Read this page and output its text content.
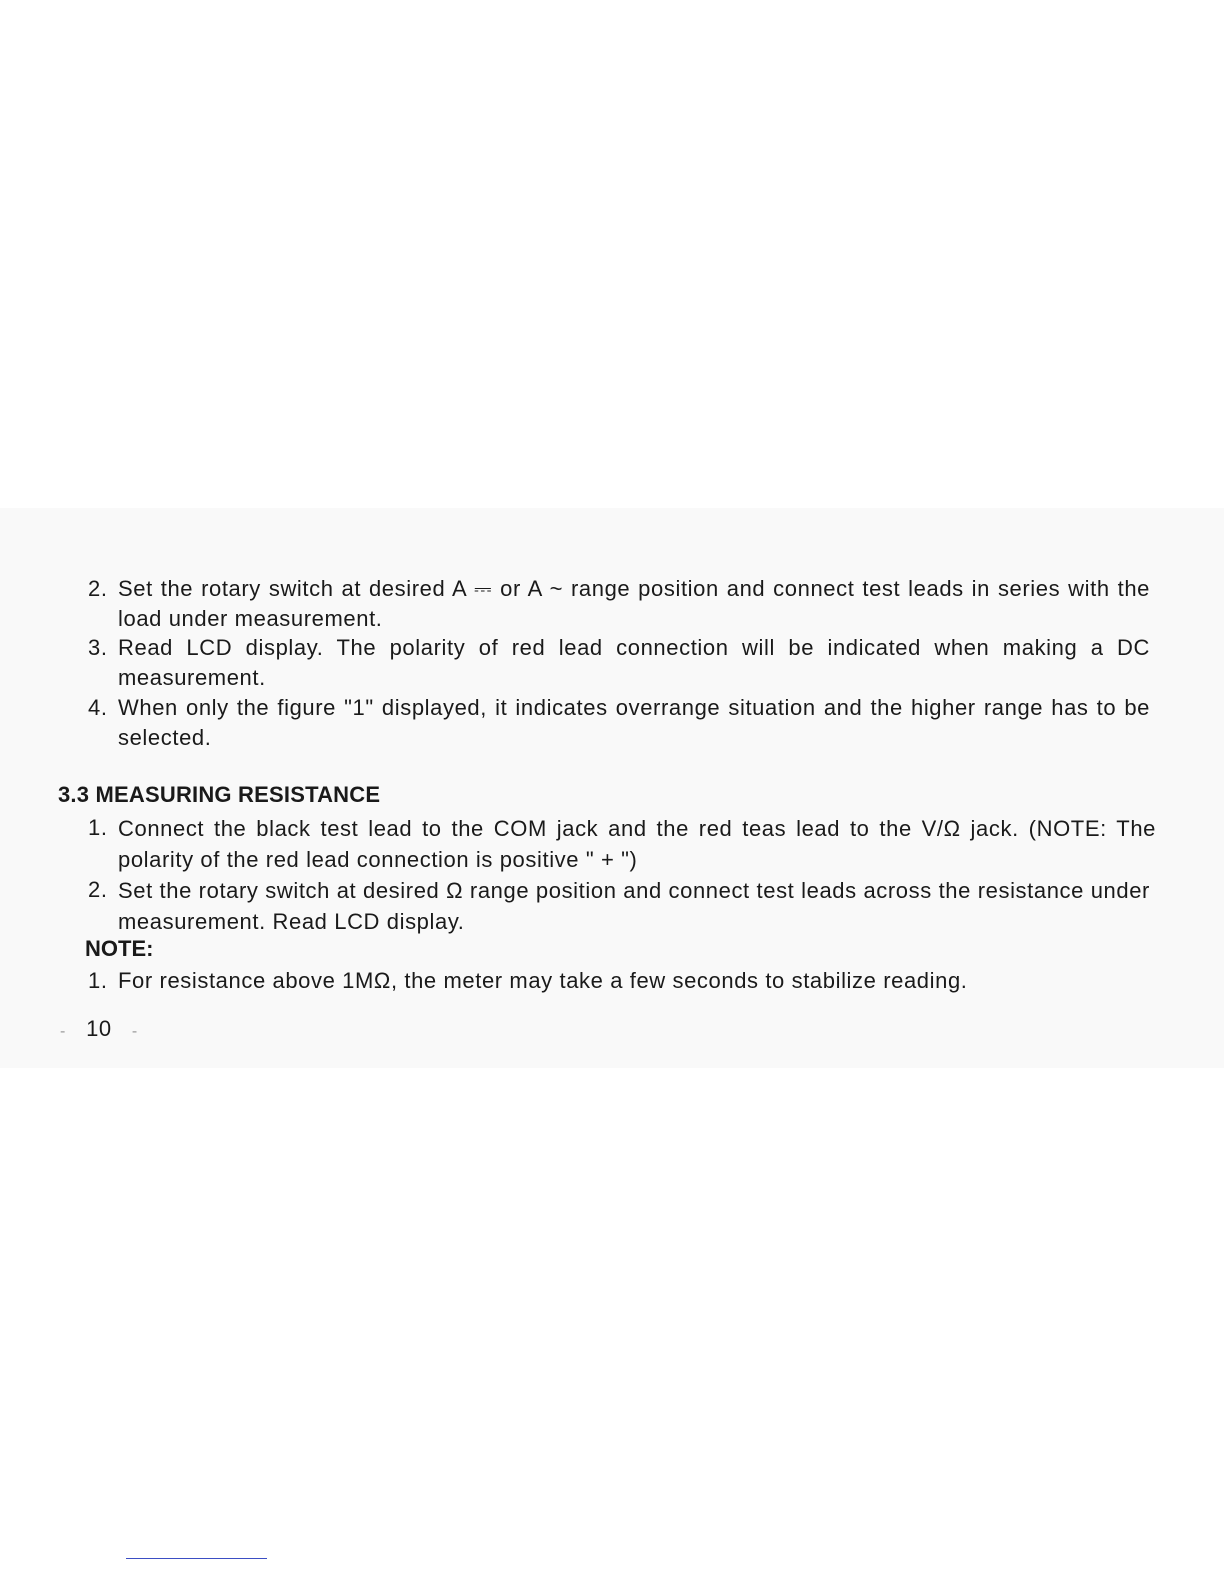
2. Set the rotary switch at desired A ⎓ or A ~ range position and connect test leads in series with the load under measurement.
3. Read LCD display. The polarity of red lead connection will be indicated when making a DC measurement.
4. When only the figure "1" displayed, it indicates overrange situation and the higher range has to be selected.
3.3 MEASURING RESISTANCE
1. Connect the black test lead to the COM jack and the red teas lead to the V/Ω jack. (NOTE: The polarity of the red lead connection is positive " + ")
2. Set the rotary switch at desired Ω range position and connect test leads across the resistance under measurement. Read LCD display.
NOTE:
1. For resistance above 1MΩ, the meter may take a few seconds to stabilize reading.
- 10 -
